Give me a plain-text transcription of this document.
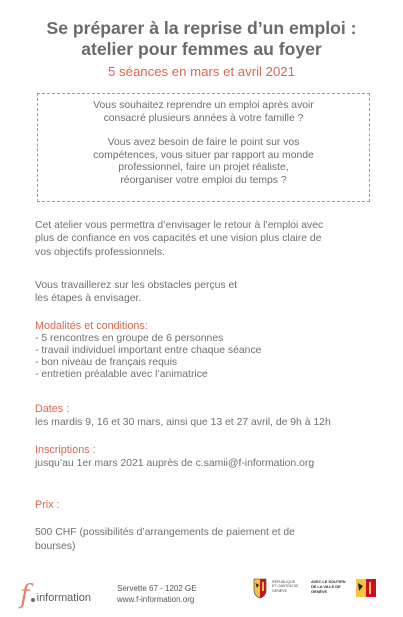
Se préparer à la reprise d’un emploi :
atelier pour femmes au foyer
5 séances en mars et avril 2021

Vous souhaitez reprendre un emploi après avoir
consacré plusieurs années à votre famille ?

Vous avez besoin de faire le point sur vos
compétences, vous situer par rapport au monde
professionnel, faire un projet réaliste,
réorganiser votre emploi du temps ?

Cet atelier vous permettra d’envisager le retour à l’emploi avec
plus de confiance en vos capacités et une vision plus claire de
vos objectifs professionnels.
Vous travaillerez sur les obstacles perçus et
les étapes à envisager.
Modalités et conditions:
- 5 rencontres en groupe de 6 personnes
- travail individuel important entre chaque séance
- bon niveau de français requis
- entretien préalable avec l’animatrice
Dates :
les mardis 9, 16 et 30 mars, ainsi que 13 et 27 avril, de 9h à 12h
Inscriptions :
jusqu’au 1er mars 2021 auprès de c.samii@f-information.org

Prix :

500 CHF (possibilités d’arrangements de paiement et de
bourses)

f information
Servette 67 - 1202 GE
www.f-information.org
RÉPUBLIQUE ET CANTON DE GENÈVE
AVEC LE SOUTIEN DE LA VILLE DE GENÈVE
